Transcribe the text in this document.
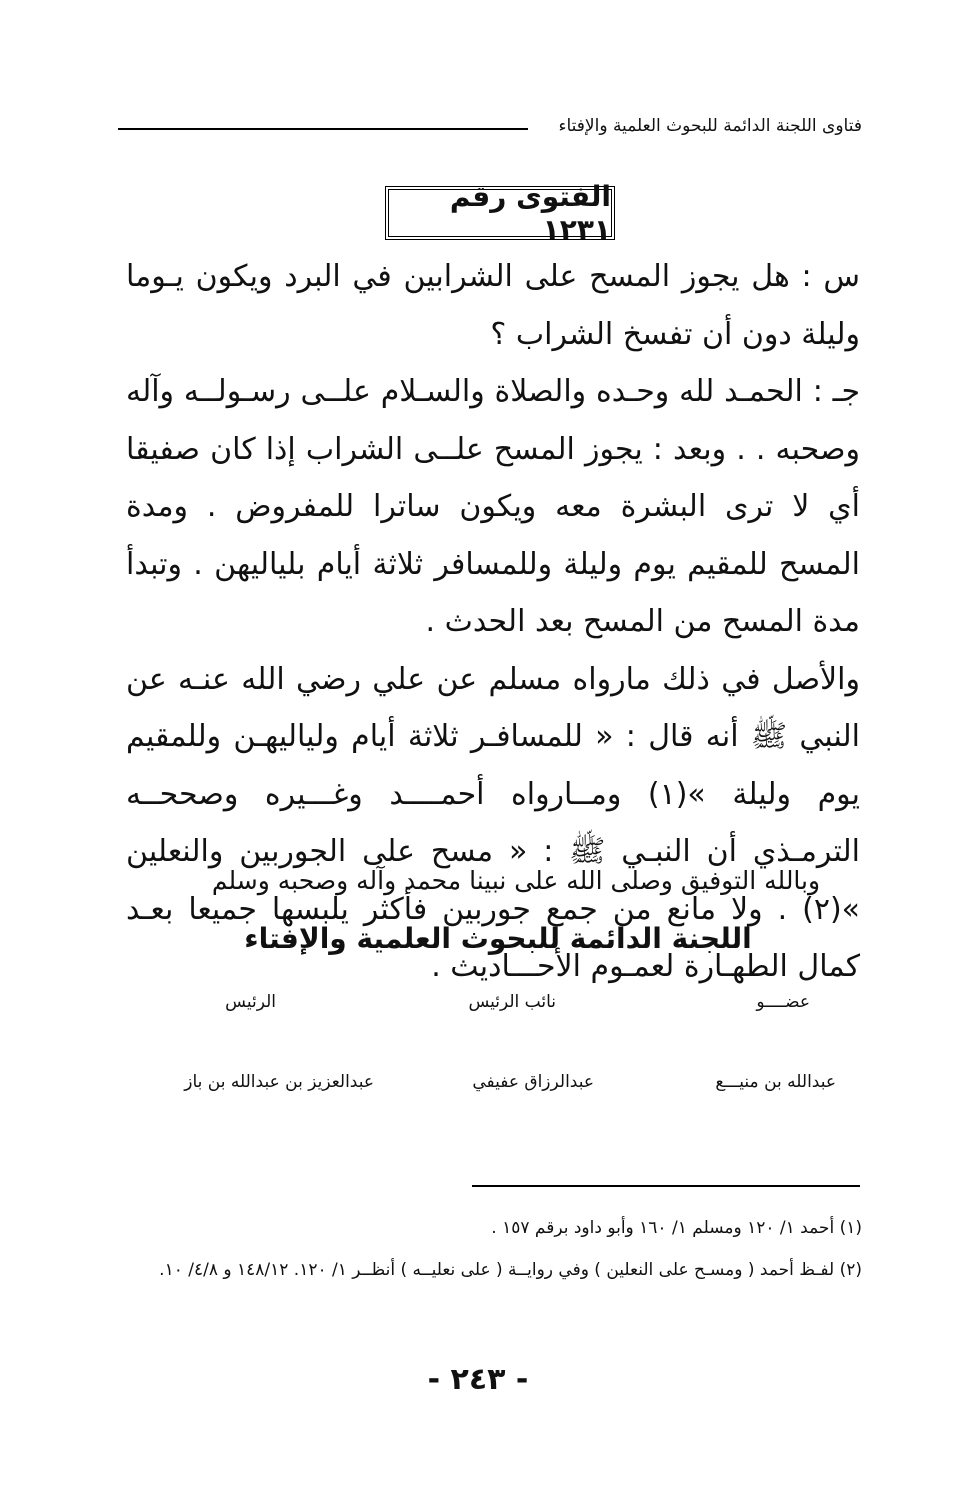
فتاوى اللجنة الدائمة للبحوث العلمية والإفتاء
الفتوى رقم ١٢٣١

س : هل يجوز المسح على الشرابين في البرد ويكون يـوما وليلة دون أن تفسخ الشراب ؟

جـ : الحمـد لله وحـده والصلاة والسـلام علــى رسـولــه وآله وصحبه . . وبعد : يجوز المسح علــى الشراب إذا كان صفيقا أي لا ترى البشرة معه ويكون ساترا للمفروض . ومدة المسح للمقيم يوم وليلة وللمسافر ثلاثة أيام بلياليهن . وتبدأ مدة المسح من المسح بعد الحدث .

والأصل في ذلك مارواه مسلم عن علي رضي الله عنـه عن النبي ﷺ أنه قال : « للمسافـر ثلاثة أيام ولياليهـن وللمقيم يوم وليلة »(١) ومــارواه أحمــــد وغـــيره وصححــه الترمـذي أن النبـي ﷺ : « مسح على الجوربين والنعلين »(٢) . ولا مانع من جمع جوربين فأكثر يلبسها جميعا بعـد كمال الطهـارة لعمـوم الأحـــاديث .

وبالله التوفيق وصلى الله على نبينا محمد وآله وصحبه وسلم
اللجنة الدائمة للبحوث العلمية والإفتاء
عضــــو
نائب الرئيس
الرئيس
عبدالله بن منيـــع
عبدالرزاق عفيفي
عبدالعزيز بن عبدالله بن باز
(١) أحمد ١/ ١٢٠ ومسلم ١/ ١٦٠ وأبو داود برقم ١٥٧ .
(٢) لفـظ أحمد ( ومسـح على النعلين ) وفي روايــة ( على نعليــه ) أنظــر ١/ ١٢٠. ١٤٨/١٢ و ٤/٨/ ١٠.
- ٢٤٣ -
